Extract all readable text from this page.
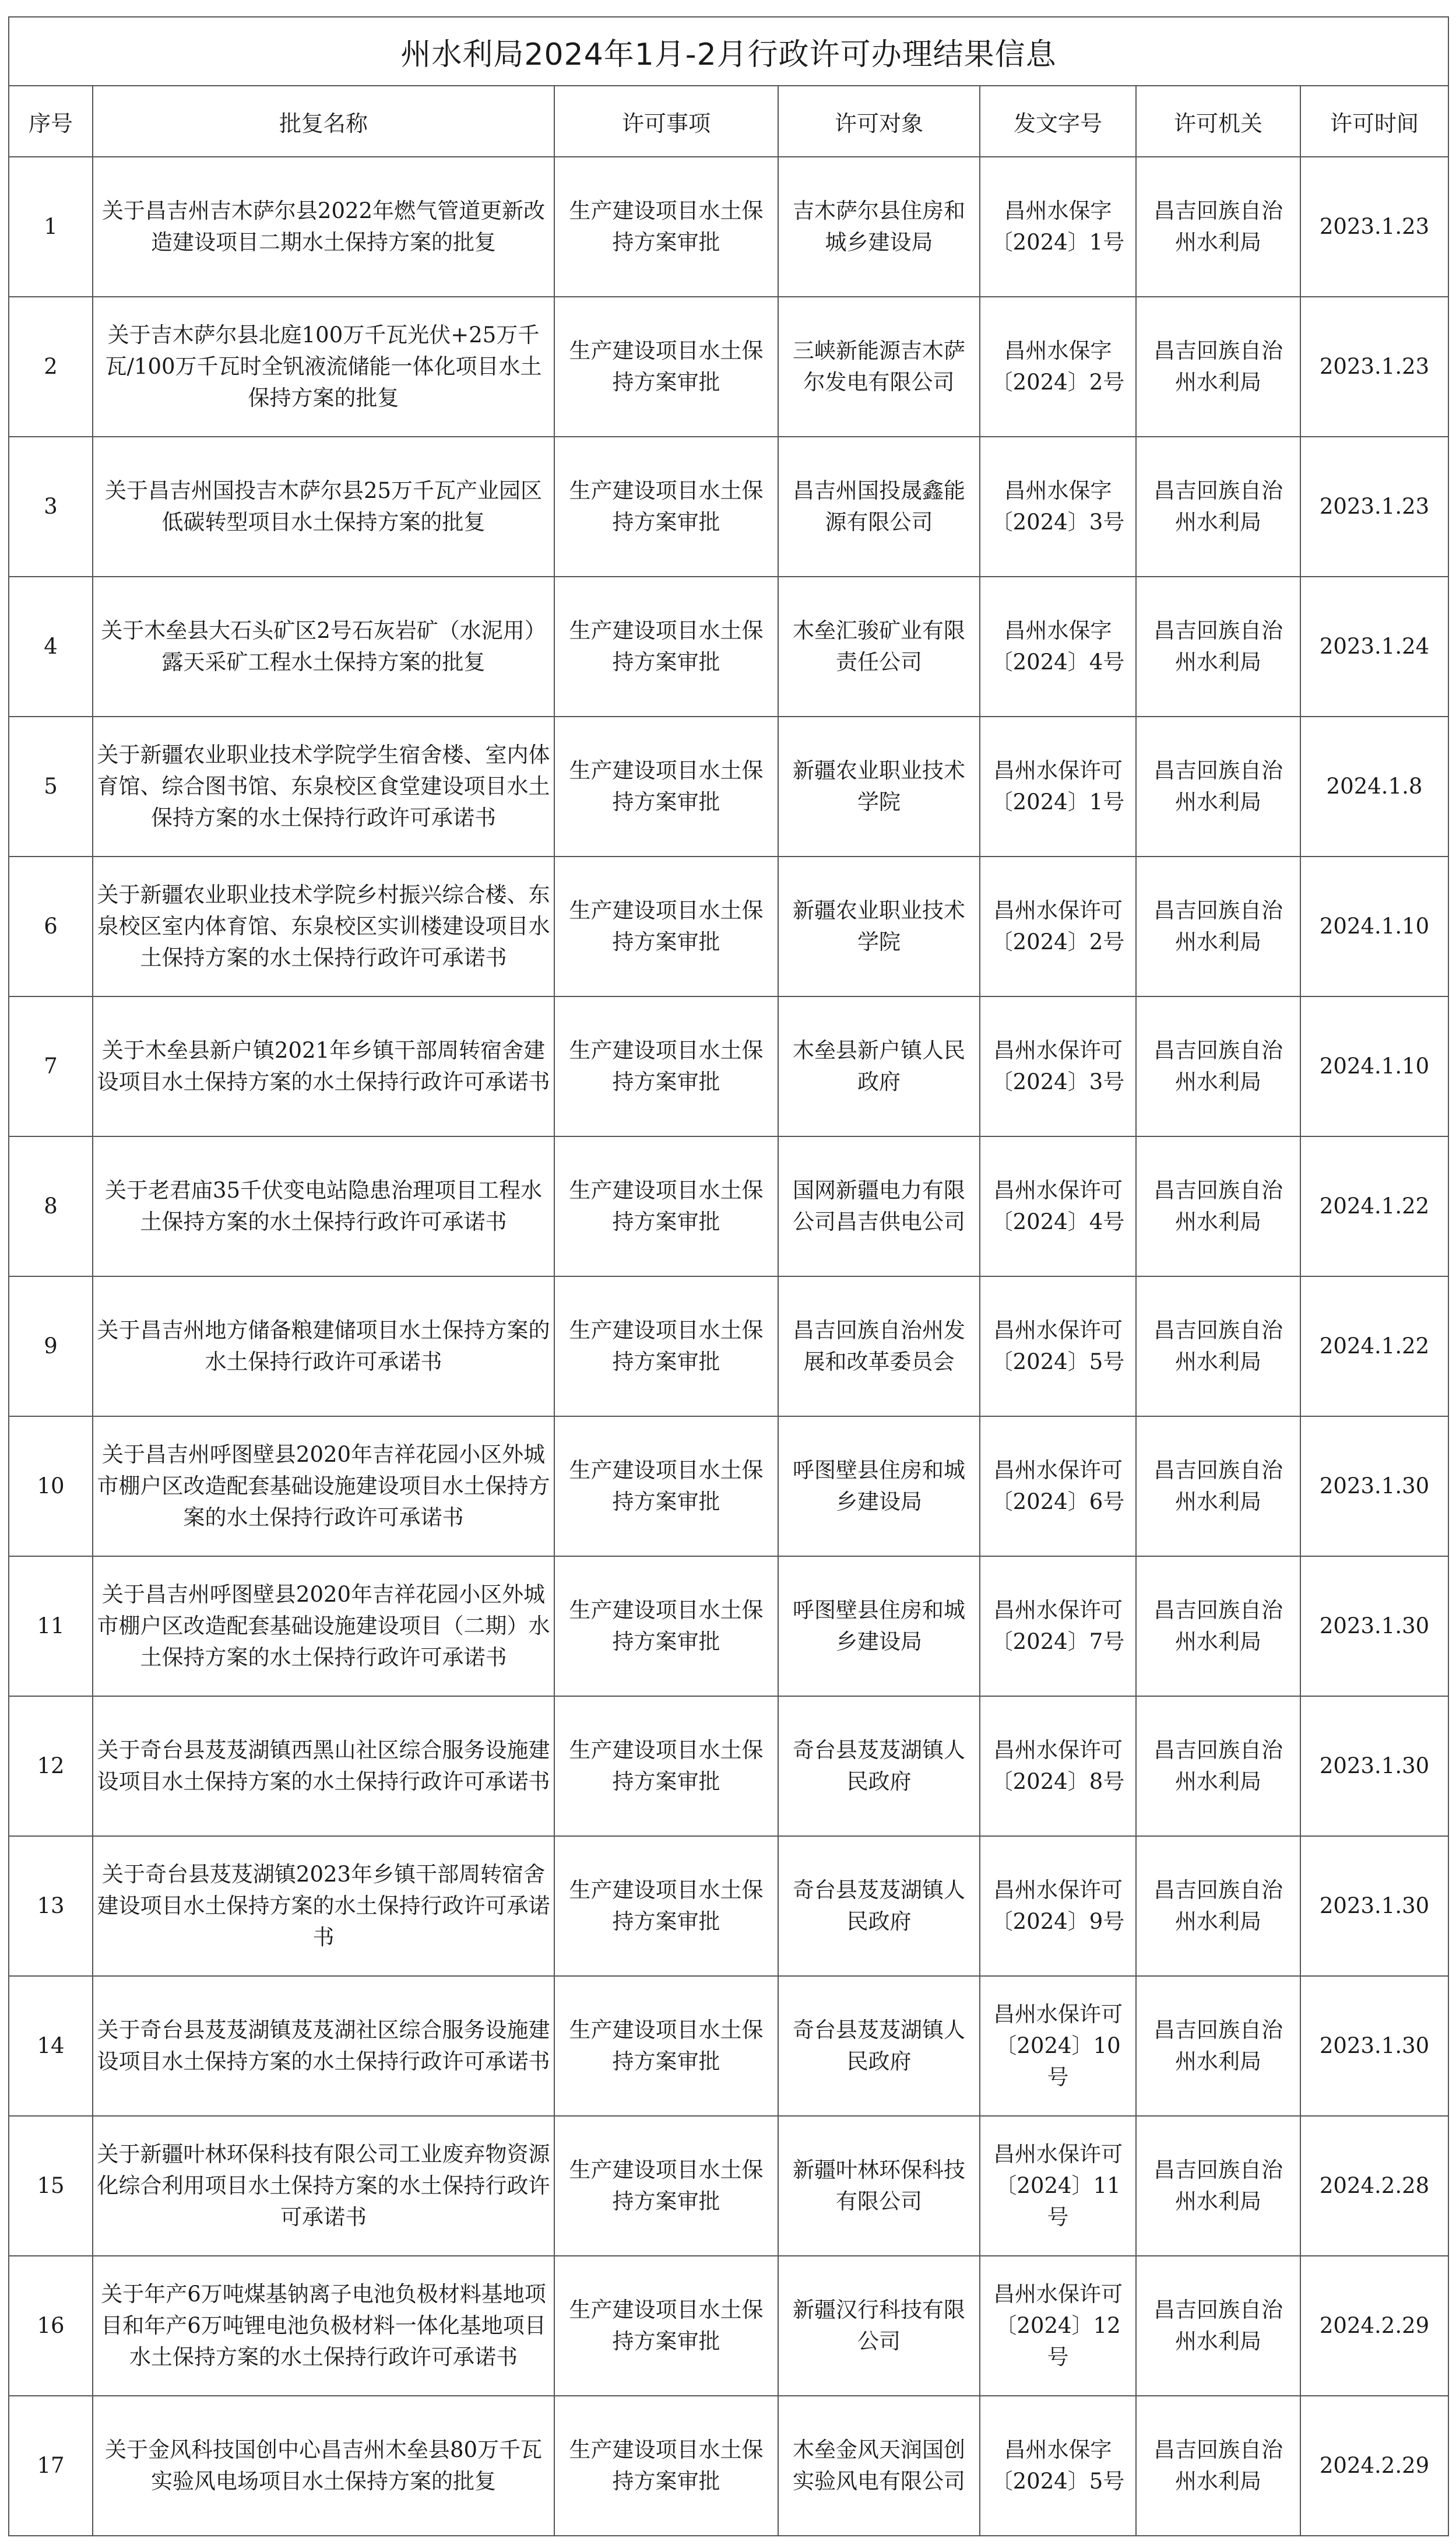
州水利局2024年1月-2月行政许可办理结果信息						
序号	批复名称	许可事项	许可对象	发文字号	许可机关	许可时间
1	关于昌吉州吉木萨尔县2022年燃气管道更新改造建设项目二期水土保持方案的批复	生产建设项目水土保持方案审批	吉木萨尔县住房和城乡建设局	昌州水保字〔2024〕1号	昌吉回族自治州水利局	2023.1.23
2	关于吉木萨尔县北庭100万千瓦光伏+25万千瓦/100万千瓦时全钒液流储能一体化项目水土保持方案的批复	生产建设项目水土保持方案审批	三峡新能源吉木萨尔发电有限公司	昌州水保字〔2024〕2号	昌吉回族自治州水利局	2023.1.23
3	关于昌吉州国投吉木萨尔县25万千瓦产业园区低碳转型项目水土保持方案的批复	生产建设项目水土保持方案审批	昌吉州国投晟鑫能源有限公司	昌州水保字〔2024〕3号	昌吉回族自治州水利局	2023.1.23
4	关于木垒县大石头矿区2号石灰岩矿（水泥用）露天采矿工程水土保持方案的批复	生产建设项目水土保持方案审批	木垒汇骏矿业有限责任公司	昌州水保字〔2024〕4号	昌吉回族自治州水利局	2023.1.24
5	关于新疆农业职业技术学院学生宿舍楼、室内体育馆、综合图书馆、东泉校区食堂建设项目水土保持方案的水土保持行政许可承诺书	生产建设项目水土保持方案审批	新疆农业职业技术学院	昌州水保许可〔2024〕1号	昌吉回族自治州水利局	2024.1.8
6	关于新疆农业职业技术学院乡村振兴综合楼、东泉校区室内体育馆、东泉校区实训楼建设项目水土保持方案的水土保持行政许可承诺书	生产建设项目水土保持方案审批	新疆农业职业技术学院	昌州水保许可〔2024〕2号	昌吉回族自治州水利局	2024.1.10
7	关于木垒县新户镇2021年乡镇干部周转宿舍建设项目水土保持方案的水土保持行政许可承诺书	生产建设项目水土保持方案审批	木垒县新户镇人民政府	昌州水保许可〔2024〕3号	昌吉回族自治州水利局	2024.1.10
8	关于老君庙35千伏变电站隐患治理项目工程水土保持方案的水土保持行政许可承诺书	生产建设项目水土保持方案审批	国网新疆电力有限公司昌吉供电公司	昌州水保许可〔2024〕4号	昌吉回族自治州水利局	2024.1.22
9	关于昌吉州地方储备粮建储项目水土保持方案的水土保持行政许可承诺书	生产建设项目水土保持方案审批	昌吉回族自治州发展和改革委员会	昌州水保许可〔2024〕5号	昌吉回族自治州水利局	2024.1.22
10	关于昌吉州呼图壁县2020年吉祥花园小区外城市棚户区改造配套基础设施建设项目水土保持方案的水土保持行政许可承诺书	生产建设项目水土保持方案审批	呼图壁县住房和城乡建设局	昌州水保许可〔2024〕6号	昌吉回族自治州水利局	2023.1.30
11	关于昌吉州呼图壁县2020年吉祥花园小区外城市棚户区改造配套基础设施建设项目（二期）水土保持方案的水土保持行政许可承诺书	生产建设项目水土保持方案审批	呼图壁县住房和城乡建设局	昌州水保许可〔2024〕7号	昌吉回族自治州水利局	2023.1.30
12	关于奇台县芨芨湖镇西黑山社区综合服务设施建设项目水土保持方案的水土保持行政许可承诺书	生产建设项目水土保持方案审批	奇台县芨芨湖镇人民政府	昌州水保许可〔2024〕8号	昌吉回族自治州水利局	2023.1.30
13	关于奇台县芨芨湖镇2023年乡镇干部周转宿舍建设项目水土保持方案的水土保持行政许可承诺书	生产建设项目水土保持方案审批	奇台县芨芨湖镇人民政府	昌州水保许可〔2024〕9号	昌吉回族自治州水利局	2023.1.30
14	关于奇台县芨芨湖镇芨芨湖社区综合服务设施建设项目水土保持方案的水土保持行政许可承诺书	生产建设项目水土保持方案审批	奇台县芨芨湖镇人民政府	昌州水保许可〔2024〕10号	昌吉回族自治州水利局	2023.1.30
15	关于新疆叶林环保科技有限公司工业废弃物资源化综合利用项目水土保持方案的水土保持行政许可承诺书	生产建设项目水土保持方案审批	新疆叶林环保科技有限公司	昌州水保许可〔2024〕11号	昌吉回族自治州水利局	2024.2.28
16	关于年产6万吨煤基钠离子电池负极材料基地项目和年产6万吨锂电池负极材料一体化基地项目水土保持方案的水土保持行政许可承诺书	生产建设项目水土保持方案审批	新疆汉行科技有限公司	昌州水保许可〔2024〕12号	昌吉回族自治州水利局	2024.2.29
17	关于金风科技国创中心昌吉州木垒县80万千瓦实验风电场项目水土保持方案的批复	生产建设项目水土保持方案审批	木垒金风天润国创实验风电有限公司	昌州水保字〔2024〕5号	昌吉回族自治州水利局	2024.2.29
